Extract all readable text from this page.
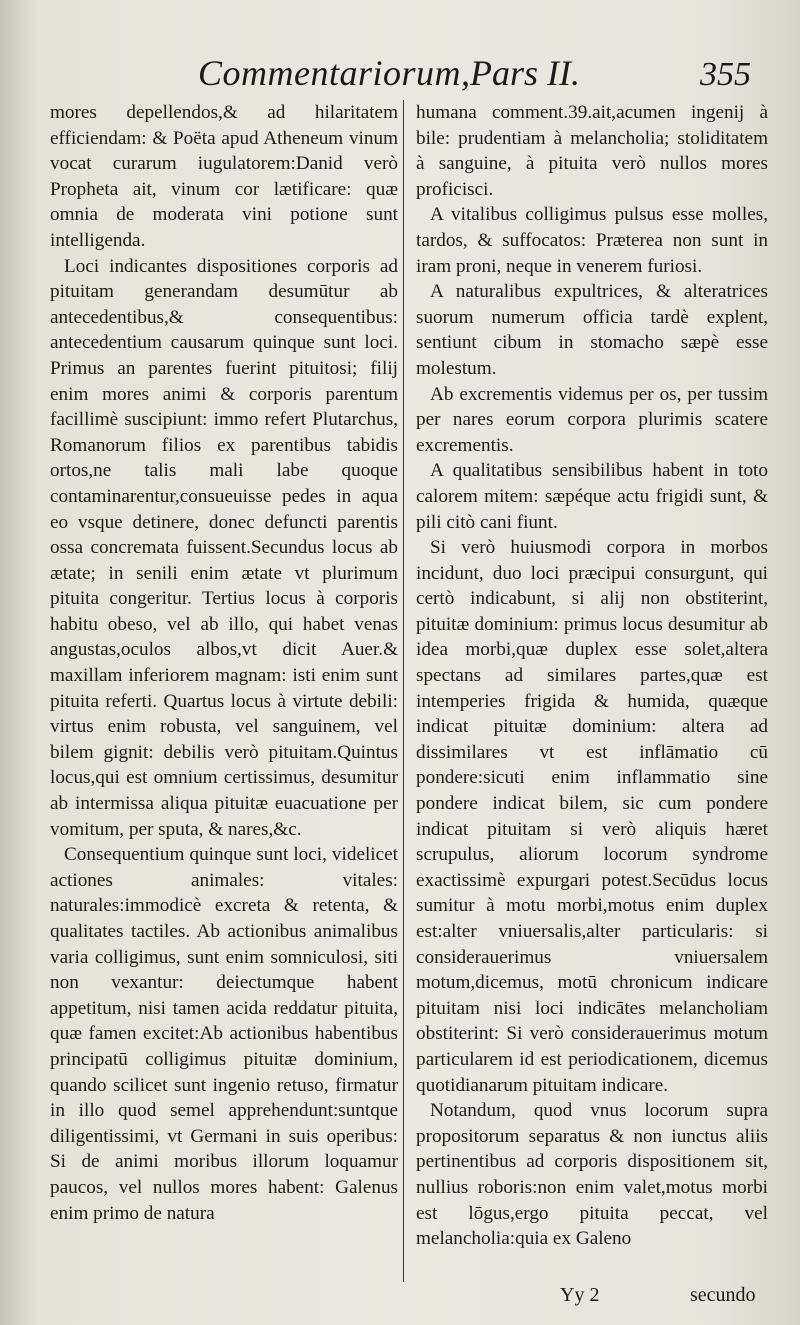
Commentariorum, Pars II.	355

mores depellendos,& ad hilaritatem efficiendam: & Poëta apud Atheneum vinum vocat curarum iugulatorem:Danid verò Propheta ait, vinum cor lætificare: quæ omnia de moderata vini potione sunt intelligenda.

Loci indicantes dispositiones corporis ad pituitam generandam desumūtur ab antecedentibus,& consequentibus: antecedentium causarum quinque sunt loci. Primus an parentes fuerint pituitosi; filij enim mores animi & corporis parentum facillimè suscipiunt: immo refert Plutarchus, Romanorum filios ex parentibus tabidis ortos,ne talis mali labe quoque contaminarentur,consueuisse pedes in aqua eo vsque detinere, donec defuncti parentis ossa concremata fuissent.Secundus locus ab ætate; in senili enim ætate vt plurimum pituita congeritur. Tertius locus à corporis habitu obeso, vel ab illo, qui habet venas angustas,oculos albos,vt dicit Auer.& maxillam inferiorem magnam: isti enim sunt pituita referti. Quartus locus à virtute debili: virtus enim robusta, vel sanguinem, vel bilem gignit: debilis verò pituitam.Quintus locus,qui est omnium certissimus, desumitur ab intermissa aliqua pituitæ euacuatione per vomitum, per sputa, & nares,&c.

Consequentium quinque sunt loci, videlicet actiones animales: vitales: naturales:immodicè excreta & retenta, & qualitates tactiles. Ab actionibus animalibus varia colligimus, sunt enim somniculosi, siti non vexantur: deiectumque habent appetitum, nisi tamen acida reddatur pituita, quæ famen excitet:Ab actionibus habentibus principatū colligimus pituitæ dominium, quando scilicet sunt ingenio retuso, firmatur in illo quod semel apprehendunt:suntque diligentissimi, vt Germani in suis operibus: Si de animi moribus illorum loquamur paucos, vel nullos mores habent: Galenus enim primo de natura

humana comment.39.ait,acumen ingenij à bile: prudentiam à melancholia; stoliditatem à sanguine, à pituita verò nullos mores proficisci.

A vitalibus colligimus pulsus esse molles, tardos, & suffocatos: Præterea non sunt in iram proni, neque in venerem furiosi.

A naturalibus expultrices, & alteratrices suorum numerum officia tardè explent, sentiunt cibum in stomacho sæpè esse molestum.

Ab excrementis videmus per os, per tussim per nares eorum corpora plurimis scatere excrementis.

A qualitatibus sensibilibus habent in toto calorem mitem: sæpéque actu frigidi sunt, & pili citò cani fiunt.

Si verò huiusmodi corpora in morbos incidunt, duo loci præcipui consurgunt, qui certò indicabunt, si alij non obstiterint, pituitæ dominium: primus locus desumitur ab idea morbi,quæ duplex esse solet,altera spectans ad similares partes,quæ est intemperies frigida & humida, quæque indicat pituitæ dominium: altera ad dissimilares vt est inflāmatio cū pondere:sicuti enim inflammatio sine pondere indicat bilem, sic cum pondere indicat pituitam si verò aliquis hæret scrupulus, aliorum locorum syndrome exactissimè expurgari potest.Secūdus locus sumitur à motu morbi,motus enim duplex est:alter vniuersalis,alter particularis: si considerauerimus vniuersalem motum,dicemus, motū chronicum indicare pituitam nisi loci indicātes melancholiam obstiterint: Si verò considerauerimus motum particularem id est periodicationem, dicemus quotidianarum pituitam indicare.

Notandum, quod vnus locorum supra propositorum separatus & non iunctus aliis pertinentibus ad corporis dispositionem sit, nullius roboris:non enim valet,motus morbi est lōgus,ergo pituita peccat, vel melancholia:quia ex Galeno

Yy 2	secundo
